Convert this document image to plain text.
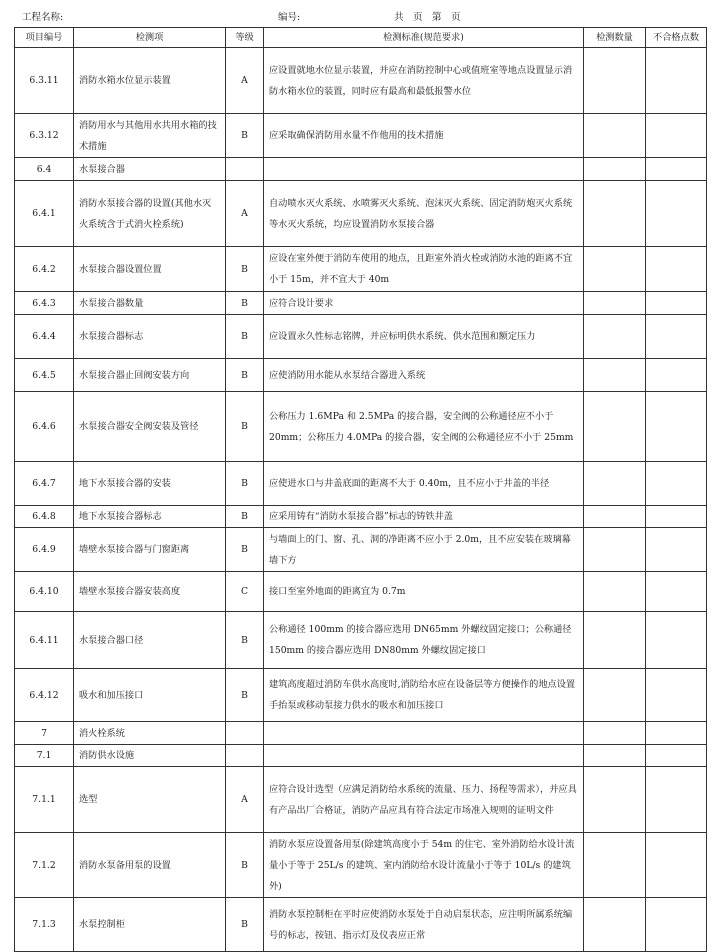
工程名称:	编号:	共　页　第　页
项目编号	检测项	等级	检测标准(规范要求)	检测数量	不合格点数
6.3.11	消防水箱水位显示装置	A	应设置就地水位显示装置，并应在消防控制中心或值班室等地点设置显示消防水箱水位的装置，同时应有最高和最低报警水位		
6.3.12	消防用水与其他用水共用水箱的技术措施	B	应采取确保消防用水量不作他用的技术措施		
6.4	水泵接合器				
6.4.1	消防水泵接合器的设置(其他水灭火系统含于式消火栓系统)	A	自动喷水灭火系统、水喷雾灭火系统、泡沫灭火系统、固定消防炮灭火系统等水灭火系统，均应设置消防水泵接合器		
6.4.2	水泵接合器设置位置	B	应设在室外便于消防车使用的地点，且距室外消火栓或消防水池的距离不宜小于 15m，并不宜大于 40m		
6.4.3	水泵接合器数量	B	应符合设计要求		
6.4.4	水泵接合器标志	B	应设置永久性标志铭牌，并应标明供水系统、供水范围和额定压力		
6.4.5	水泵接合器止回阀安装方向	B	应使消防用水能从水泵结合器进入系统		
6.4.6	水泵接合器安全阀安装及管径	B	公称压力 1.6MPa 和 2.5MPa 的接合器，安全阀的公称通径应不小于 20mm；公称压力 4.0MPa 的接合器，安全阀的公称通径应不小于 25mm		
6.4.7	地下水泵接合器的安装	B	应使进水口与井盖底面的距离不大于 0.40m，且不应小于井盖的半径		
6.4.8	地下水泵接合器标志	B	应采用铸有“消防水泵接合器”标志的铸铁井盖		
6.4.9	墙壁水泵接合器与门窗距离	B	与墙面上的门、窗、孔、洞的净距离不应小于 2.0m，且不应安装在玻璃幕墙下方		
6.4.10	墙壁水泵接合器安装高度	C	接口至室外地面的距离宜为 0.7m		
6.4.11	水泵接合器口径	B	公称通径 100mm 的接合器应选用 DN65mm 外螺纹固定接口；公称通径 150mm 的接合器应选用 DN80mm 外螺纹固定接口		
6.4.12	吸水和加压接口	B	建筑高度超过消防车供水高度时,消防给水应在设备层等方便操作的地点设置手抬泵或移动泵接力供水的吸水和加压接口		
7	消火栓系统				
7.1	消防供水设施				
7.1.1	选型	A	应符合设计选型（应满足消防给水系统的流量、压力、扬程等需求），并应具有产品出厂合格证，消防产品应具有符合法定市场准入规则的证明文件		
7.1.2	消防水泵备用泵的设置	B	消防水泵应设置备用泵(除建筑高度小于 54m 的住宅、室外消防给水设计流量小于等于 25L/s 的建筑、室内消防给水设计流量小于等于 10L/s 的建筑外)		
7.1.3	水泵控制柜	B	消防水泵控制柜在平时应使消防水泵处于自动启泵状态，应注明所属系统编号的标志，按钮、指示灯及仪表应正常		
